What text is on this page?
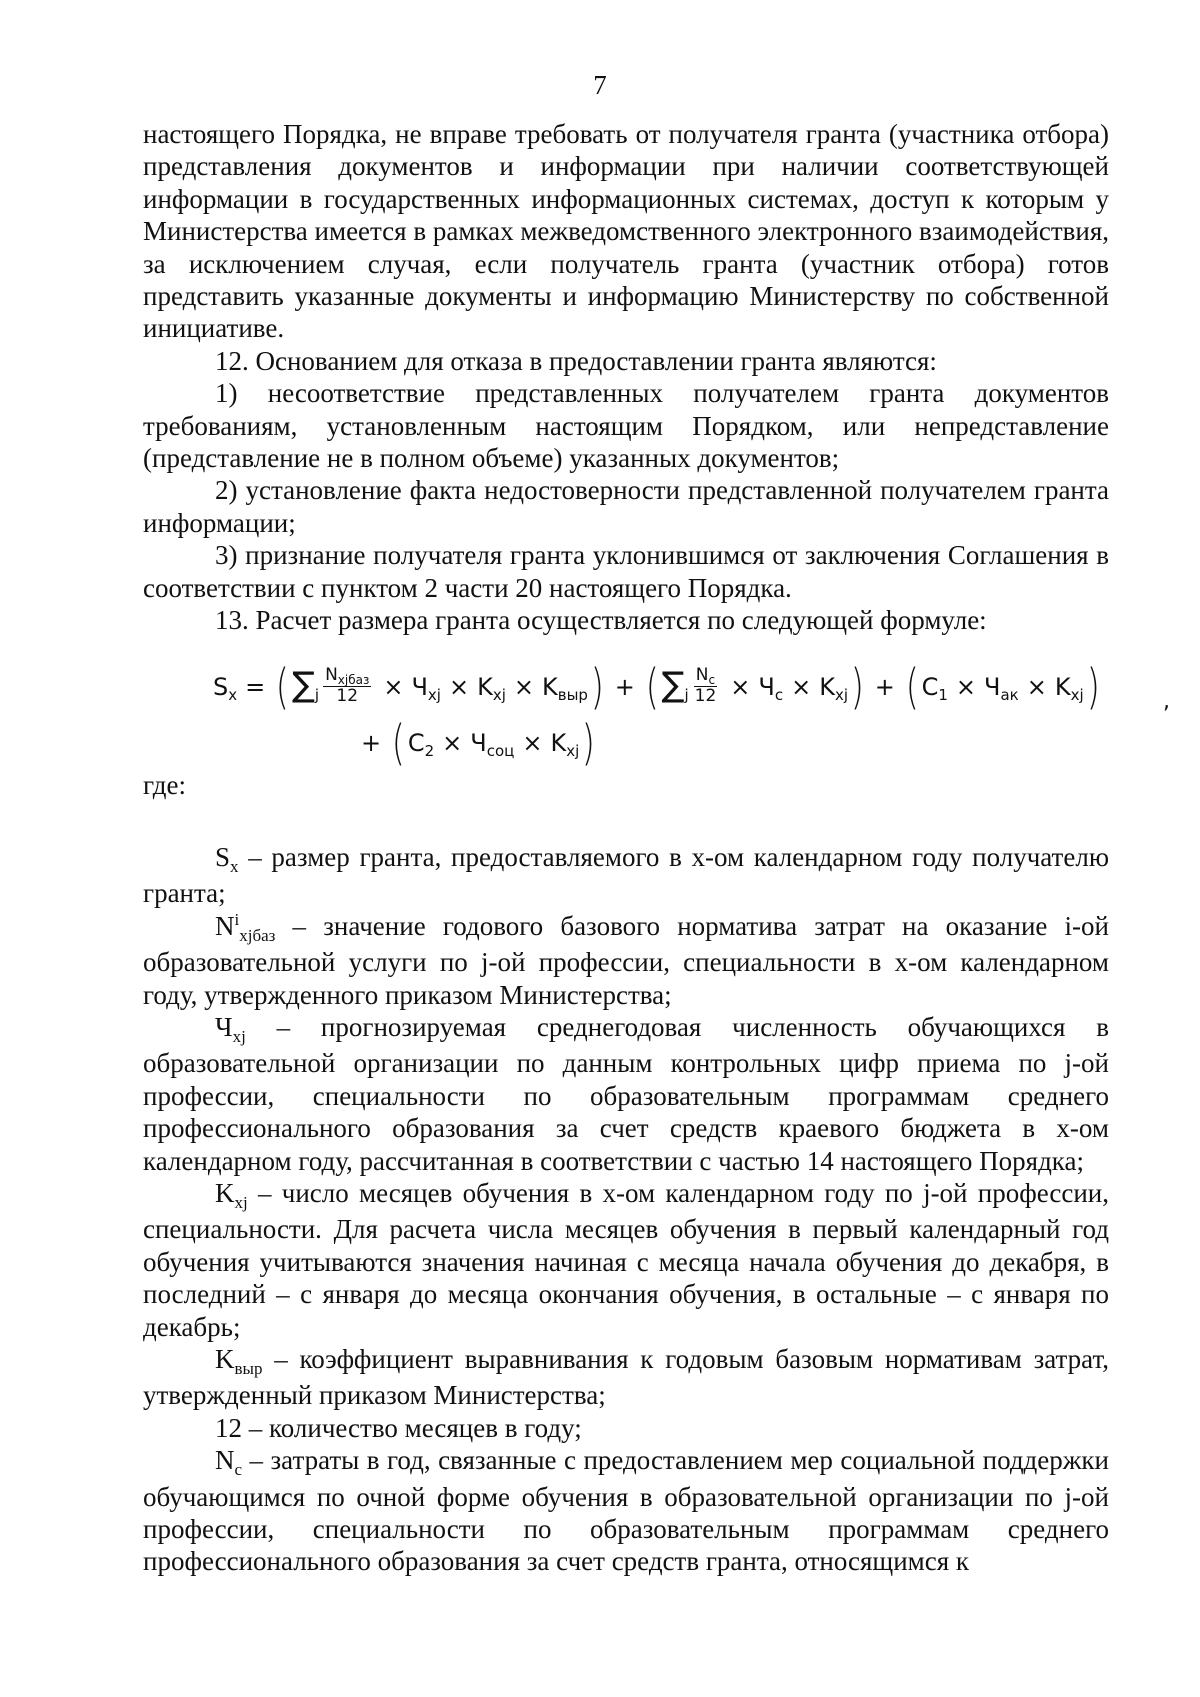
7

настоящего Порядка, не вправе требовать от получателя гранта (участника отбора) представления документов и информации при наличии соответствующей информации в государственных информационных системах, доступ к которым у Министерства имеется в рамках межведомственного электронного взаимодействия, за исключением случая, если получатель гранта (участник отбора) готов представить указанные документы и информацию Министерству по собственной инициативе.

12. Основанием для отказа в предоставлении гранта являются:

1) несоответствие представленных получателем гранта документов требованиям, установленным настоящим Порядком, или непредставление (представление не в полном объеме) указанных документов;

2) установление факта недостоверности представленной получателем гранта информации;

3) признание получателя гранта уклонившимся от заключения Соглашения в соответствии с пунктом 2 части 20 настоящего Порядка.

13. Расчет размера гранта осуществляется по следующей формуле:

S x = ( ∑ j $\frac{N_{xjбаз}}{12} \times Ч$ xj × K xj × K выр ) + ( ∑ j $\frac{N_c}{12} \times Ч$ c × K xj ) + ( C 1 × Ч ак × K xj )	,
+ ( C 2 × Ч соц × K xj )

где:

$S_x$ – размер гранта, предоставляемого в x-ом календарном году получателю гранта;

$N^i_{xjбаз}$ – значение годового базового норматива затрат на оказание i-ой образовательной услуги по j-ой профессии, специальности в x-ом календарном году, утвержденного приказом Министерства;

$Ч_{xj}$ – прогнозируемая среднегодовая численность обучающихся в образовательной организации по данным контрольных цифр приема по j-ой профессии, специальности по образовательным программам среднего профессионального образования за счет средств краевого бюджета в x-ом календарном году, рассчитанная в соответствии с частью 14 настоящего Порядка;

$K_{xj}$ – число месяцев обучения в x-ом календарном году по j-ой профессии, специальности. Для расчета числа месяцев обучения в первый календарный год обучения учитываются значения начиная с месяца начала обучения до декабря, в последний – с января до месяца окончания обучения, в остальные – с января по декабрь;

$K_{выр}$ – коэффициент выравнивания к годовым базовым нормативам затрат, утвержденный приказом Министерства;

12 – количество месяцев в году;

$N_c$ – затраты в год, связанные с предоставлением мер социальной поддержки обучающимся по очной форме обучения в образовательной организации по j-ой профессии, специальности по образовательным программам среднего профессионального образования за счет средств гранта, относящимся к
